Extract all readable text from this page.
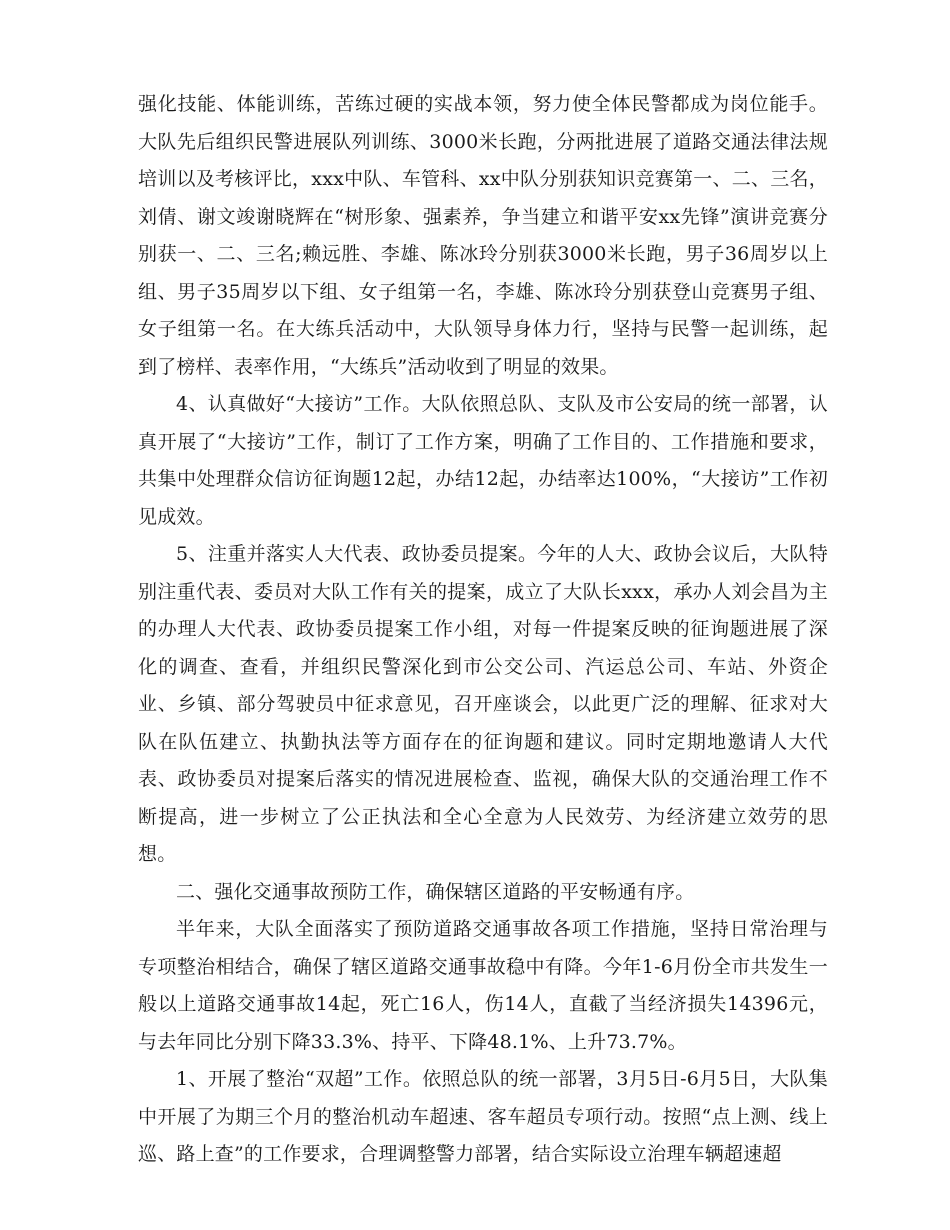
强化技能、体能训练，苦练过硬的实战本领，努力使全体民警都成为岗位能手。大队先后组织民警进展队列训练、3000米长跑，分两批进展了道路交通法律法规培训以及考核评比，xxx中队、车管科、xx中队分别获知识竞赛第一、二、三名，刘倩、谢文竣谢晓辉在“树形象、强素养，争当建立和谐平安xx先锋”演讲竞赛分别获一、二、三名;赖远胜、李雄、陈冰玲分别获3000米长跑，男子36周岁以上组、男子35周岁以下组、女子组第一名，李雄、陈冰玲分别获登山竞赛男子组、女子组第一名。在大练兵活动中，大队领导身体力行，坚持与民警一起训练，起到了榜样、表率作用，“大练兵”活动收到了明显的效果。

4、认真做好“大接访”工作。大队依照总队、支队及市公安局的统一部署，认真开展了“大接访”工作，制订了工作方案，明确了工作目的、工作措施和要求，共集中处理群众信访征询题12起，办结12起，办结率达100%，“大接访”工作初见成效。

5、注重并落实人大代表、政协委员提案。今年的人大、政协会议后，大队特别注重代表、委员对大队工作有关的提案，成立了大队长xxx，承办人刘会昌为主的办理人大代表、政协委员提案工作小组，对每一件提案反映的征询题进展了深化的调查、查看，并组织民警深化到市公交公司、汽运总公司、车站、外资企业、乡镇、部分驾驶员中征求意见，召开座谈会，以此更广泛的理解、征求对大队在队伍建立、执勤执法等方面存在的征询题和建议。同时定期地邀请人大代表、政协委员对提案后落实的情况进展检查、监视，确保大队的交通治理工作不断提高，进一步树立了公正执法和全心全意为人民效劳、为经济建立效劳的思想。

二、强化交通事故预防工作，确保辖区道路的平安畅通有序。

半年来，大队全面落实了预防道路交通事故各项工作措施，坚持日常治理与专项整治相结合，确保了辖区道路交通事故稳中有降。今年1-6月份全市共发生一般以上道路交通事故14起，死亡16人，伤14人，直截了当经济损失14396元，与去年同比分别下降33.3%、持平、下降48.1%、上升73.7%。

1、开展了整治“双超”工作。依照总队的统一部署，3月5日-6月5日，大队集中开展了为期三个月的整治机动车超速、客车超员专项行动。按照“点上测、线上巡、路上查”的工作要求，合理调整警力部署，结合实际设立治理车辆超速超
